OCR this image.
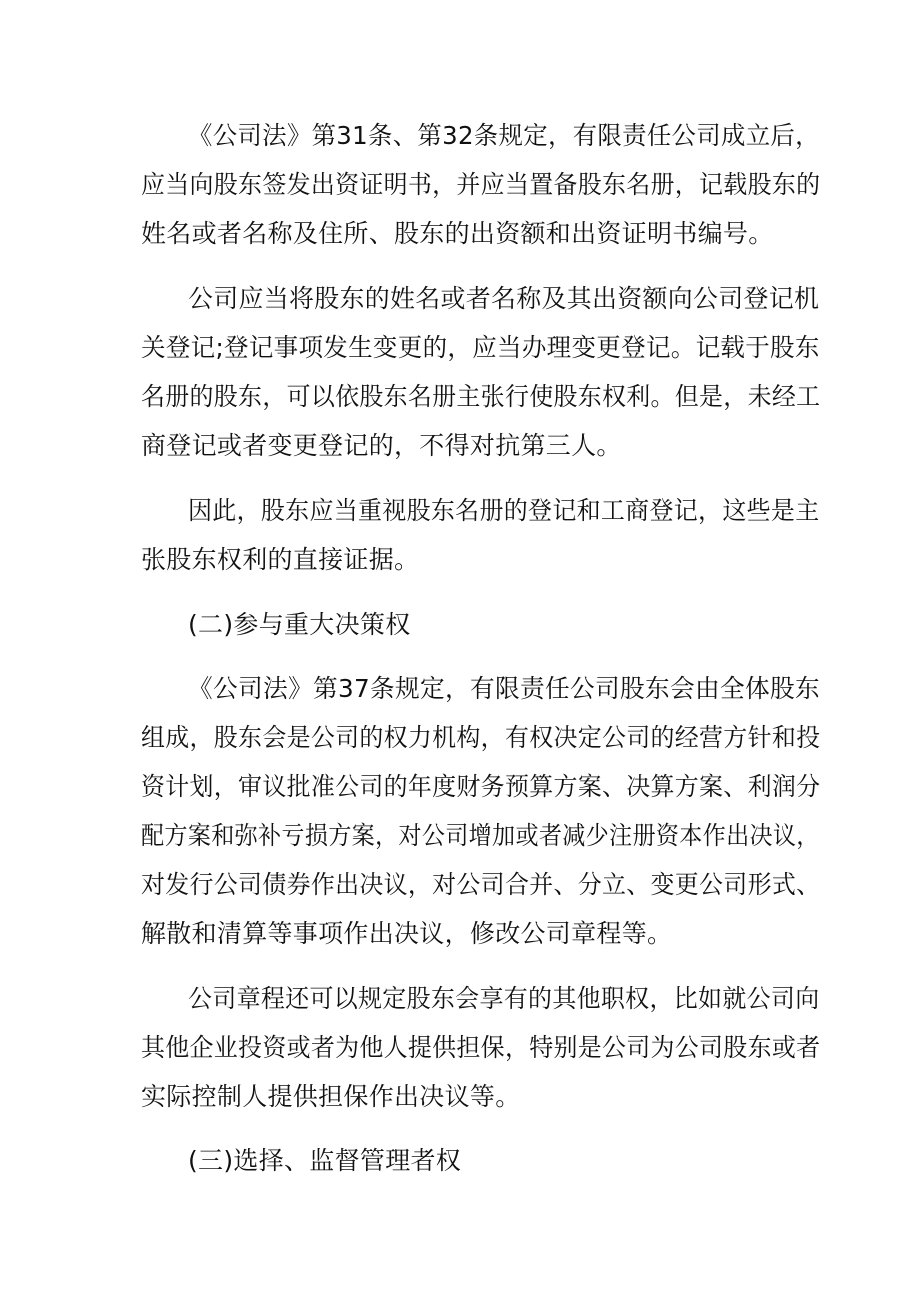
《公司法》第31条、第32条规定，有限责任公司成立后，
应当向股东签发出资证明书，并应当置备股东名册，记载股东的
姓名或者名称及住所、股东的出资额和出资证明书编号。
公司应当将股东的姓名或者名称及其出资额向公司登记机
关登记;登记事项发生变更的，应当办理变更登记。记载于股东
名册的股东，可以依股东名册主张行使股东权利。但是，未经工
商登记或者变更登记的，不得对抗第三人。
因此，股东应当重视股东名册的登记和工商登记，这些是主
张股东权利的直接证据。
(二)参与重大决策权
《公司法》第37条规定，有限责任公司股东会由全体股东
组成，股东会是公司的权力机构，有权决定公司的经营方针和投
资计划，审议批准公司的年度财务预算方案、决算方案、利润分
配方案和弥补亏损方案，对公司增加或者减少注册资本作出决议，
对发行公司债券作出决议，对公司合并、分立、变更公司形式、
解散和清算等事项作出决议，修改公司章程等。
公司章程还可以规定股东会享有的其他职权，比如就公司向
其他企业投资或者为他人提供担保，特别是公司为公司股东或者
实际控制人提供担保作出决议等。
(三)选择、监督管理者权
